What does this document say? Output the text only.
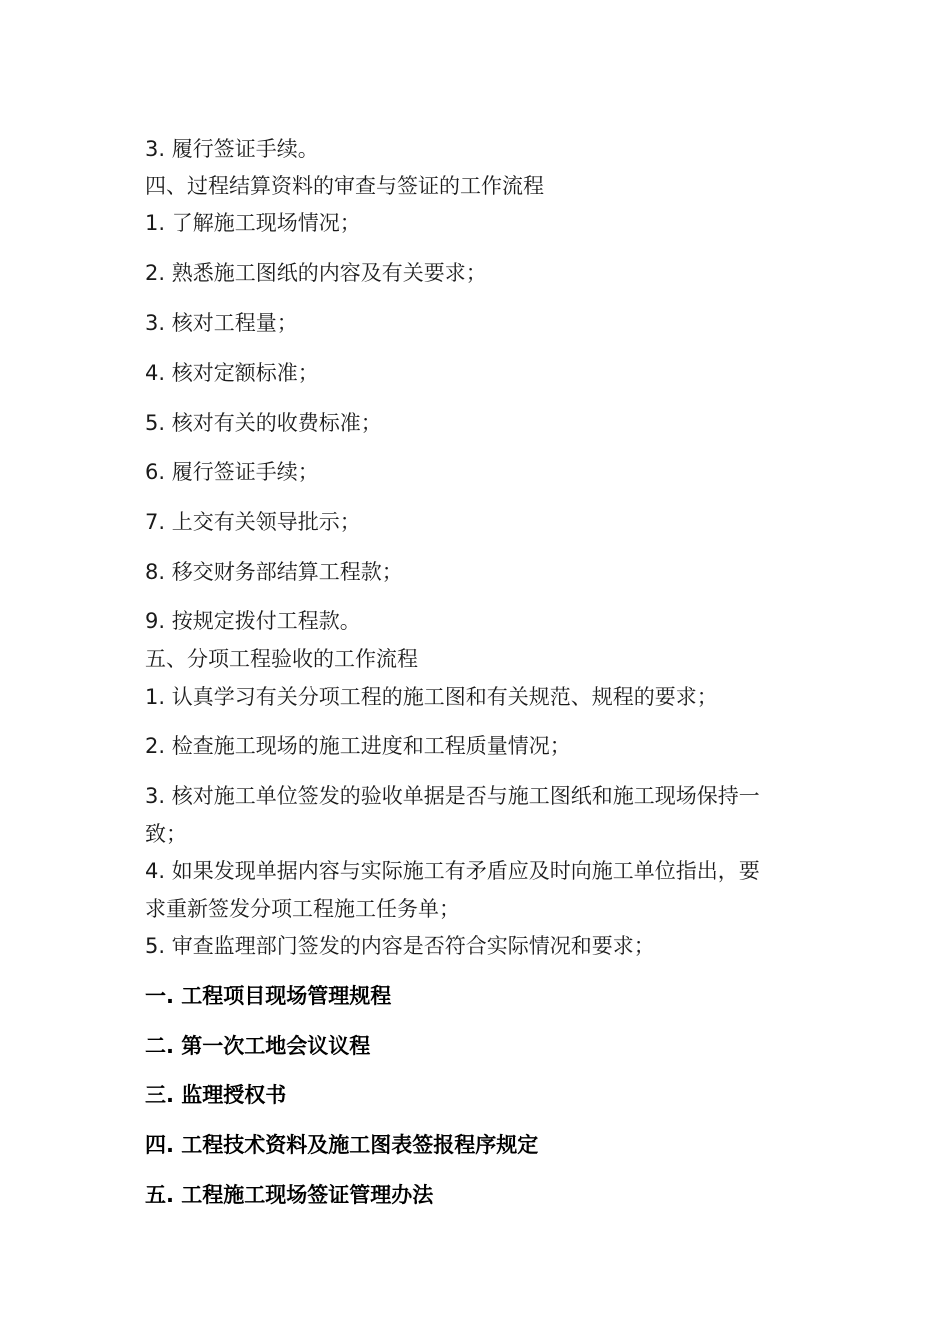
3. 履行签证手续。
四、过程结算资料的审查与签证的工作流程
1. 了解施工现场情况；
2. 熟悉施工图纸的内容及有关要求；
3. 核对工程量；
4. 核对定额标准；
5. 核对有关的收费标准；
6. 履行签证手续；
7. 上交有关领导批示；
8. 移交财务部结算工程款；
9. 按规定拨付工程款。
五、分项工程验收的工作流程
1. 认真学习有关分项工程的施工图和有关规范、规程的要求；
2. 检查施工现场的施工进度和工程质量情况；
3. 核对施工单位签发的验收单据是否与施工图纸和施工现场保持一
致；
4. 如果发现单据内容与实际施工有矛盾应及时向施工单位指出，要
求重新签发分项工程施工任务单；
5. 审查监理部门签发的内容是否符合实际情况和要求；
一. 工程项目现场管理规程
二. 第一次工地会议议程
三. 监理授权书
四. 工程技术资料及施工图表签报程序规定
五. 工程施工现场签证管理办法
